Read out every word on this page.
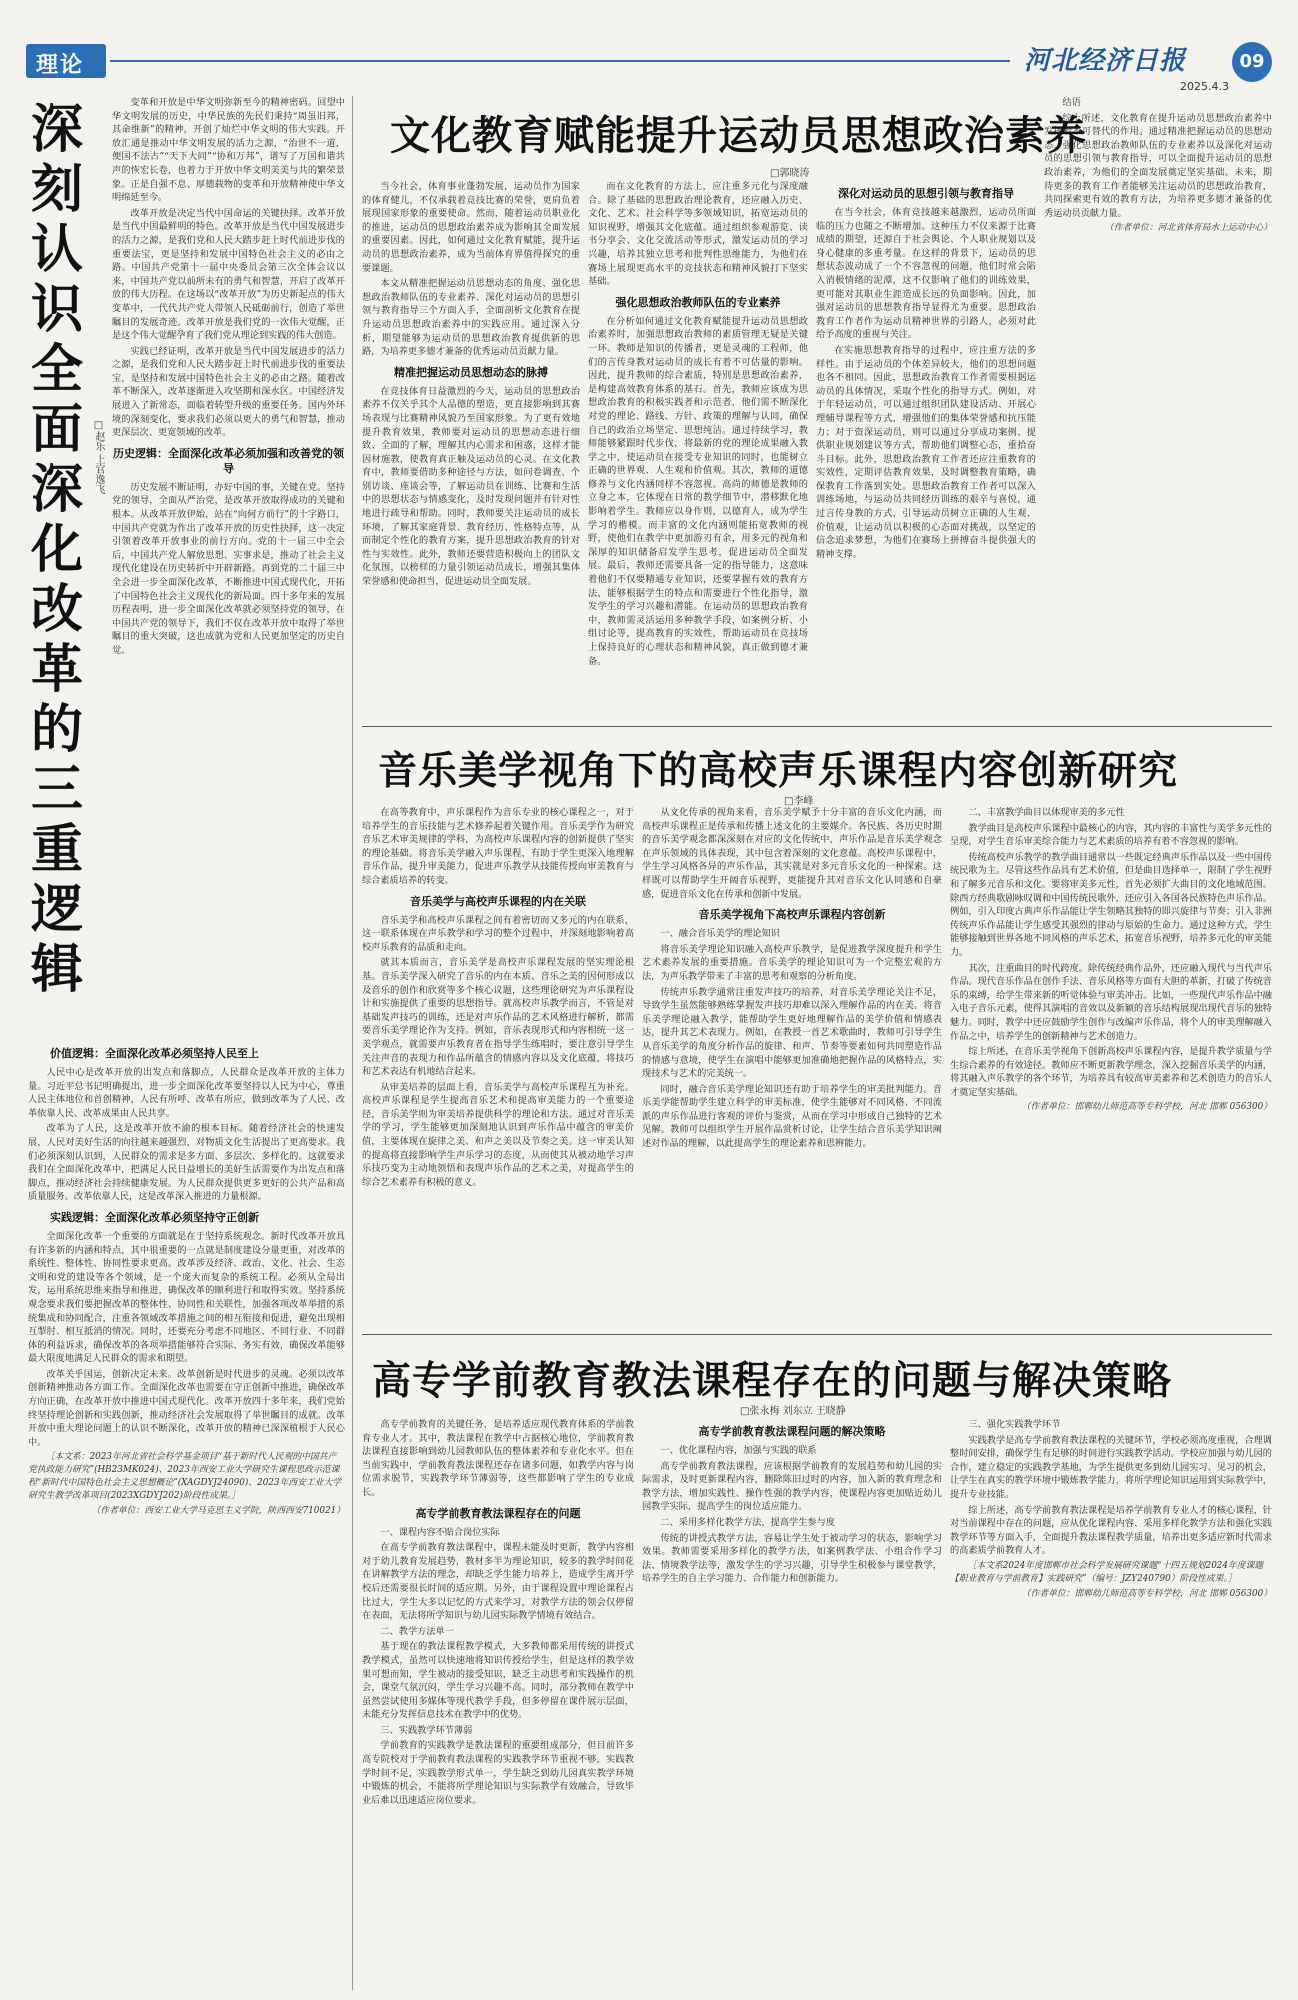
理论	河北经济日报	09
2025.4.3
深
刻
认
识
全
面
深
化
改
革
的
三
重
逻
辑
□赵乐 上官逸飞

变革和开放是中华文明弥新至今的精神密码。回望中华文明发展的历史，中华民族的先民们秉持“周虽旧邦，其命维新”的精神，开创了灿烂中华文明的伟大实践。开放汇通是推动中华文明发展的活力之源，“治世不一道，便国不法古”“天下大同”“协和万邦”，谱写了万国和谐共声的恢宏长卷，也着力于开放中华文明美美与共的繁荣景象。正是自强不息、厚德载物的变革和开放精神使中华文明绵延至今。

改革开放是决定当代中国命运的关键抉择。改革开放是当代中国最鲜明的特色。改革开放是当代中国发展进步的活力之源，是我们党和人民大踏步赶上时代前进步伐的重要法宝，更是坚持和发展中国特色社会主义的必由之路。中国共产党第十一届中央委员会第三次全体会议以来，中国共产党以前所未有的勇气和智慧，开启了改革开放的伟大历程。在这场以“改革开放”为历史新起点的伟大变革中，一代代共产党人带领人民砥砺前行，创造了举世瞩目的发展奇迹。改革开放是我们党的一次伟大觉醒，正是这个伟大觉醒孕育了我们党从理论到实践的伟大创造。

实践已经证明，改革开放是当代中国发展进步的活力之源，是我们党和人民大踏步赶上时代前进步伐的重要法宝，是坚持和发展中国特色社会主义的必由之路。随着改革不断深入，改革逐渐进入攻坚期和深水区。中国经济发展进入了新常态，面临着转型升级的重要任务。国内外环境的深刻变化，要求我们必须以更大的勇气和智慧，推动更深层次、更宽领域的改革。

历史逻辑：全面深化改革必须加强和改善党的领导

历史发展不断证明，办好中国的事，关键在党。坚持党的领导，全面从严治党，是改革开放取得成功的关键和根本。从改革开放伊始，站在“向何方前行”的十字路口，中国共产党就为作出了改革开放的历史性抉择，这一决定引领着改革开放事业的前行方向。党的十一届三中全会后，中国共产党人解放思想、实事求是，推动了社会主义现代化建设在历史转折中开辟新路。再到党的二十届三中全会进一步全面深化改革，不断推进中国式现代化，开拓了中国特色社会主义现代化的新局面。四十多年来的发展历程表明，进一步全面深化改革就必须坚持党的领导，在中国共产党的领导下，我们不仅在改革开放中取得了举世瞩目的重大突破，这也成就为党和人民更加坚定的历史自觉。

价值逻辑：全面深化改革必须坚持人民至上

人民中心是改革开放的出发点和落脚点，人民群众是改革开放的主体力量。习近平总书记明确提出，进一步全面深化改革要坚持以人民为中心，尊重人民主体地位和首创精神，人民有所呼、改革有所应，做到改革为了人民、改革依靠人民、改革成果由人民共享。

改革为了人民，这是改革开放不渝的根本目标。随着经济社会的快速发展，人民对美好生活的向往越来越强烈，对物质文化生活提出了更高要求。我们必须深刻认识到，人民群众的需求是多方面、多层次、多样化的。这就要求我们在全面深化改革中，把满足人民日益增长的美好生活需要作为出发点和落脚点，推动经济社会持续健康发展。为人民群众提供更多更好的公共产品和高质量服务。改革依靠人民，这是改革深入推进的力量根源。

实践逻辑：全面深化改革必须坚持守正创新

全面深化改革一个重要的方面就是在于坚持系统观念。新时代改革开放具有许多新的内涵和特点，其中很重要的一点就是制度建设分量更重，对改革的系统性、整体性、协同性要求更高。改革涉及经济、政治、文化、社会、生态文明和党的建设等各个领域，是一个庞大而复杂的系统工程。必须从全局出发，运用系统思维来指导和推进，确保改革的顺利进行和取得实效。坚持系统观念要求我们要把握改革的整体性、协同性和关联性，加强各项改革举措的系统集成和协同配合，注重各领域改革措施之间的相互衔接和促进，避免出现相互掣肘、相互抵消的情况。同时，还要充分考虑不同地区、不同行业、不同群体的利益诉求，确保改革的各项举措能够符合实际、务实有效，确保改革能够最大限度地满足人民群众的需求和期望。

改革关乎国运，创新决定未来。改革创新是时代进步的灵魂。必须以改革创新精神推动各方面工作。全面深化改革也需要在守正创新中推进，确保改革方向正确，在改革开放中推进中国式现代化。改革开放四十多年来，我们党始终坚持理论创新和实践创新，推动经济社会发展取得了举世瞩目的成就。改革开放中重大理论问题上的认识不断深化，改革开放的精神已深深植根于人民心中。

［本文系：2023年河北省社会科学基金项目“基于新时代人民观的中国共产党执政能力研究”(HB23MK024)、2023年西安工业大学研究生课程思政示范课程“新时代中国特色社会主义思想概论”(XAGDYJ24090)、2023年西安工业大学研究生教学改革项目(2023XGDYJ202)阶段性成果。］

（作者单位：西安工业大学马克思主义学院，陕西西安710021）

文化教育赋能提升运动员思想政治素养
□郭晓涛

当今社会，体育事业蓬勃发展，运动员作为国家的体育健儿，不仅承载着竞技比赛的荣誉，更肩负着展现国家形象的重要使命。然而，随着运动员职业化的推进，运动员的思想政治素养成为影响其全面发展的重要因素。因此，如何通过文化教育赋能，提升运动员的思想政治素养，成为当前体育界值得探究的重要课题。

本文从精准把握运动员思想动态的角度、强化思想政治教师队伍的专业素养、深化对运动员的思想引领与教育指导三个方面入手，全面剖析文化教育在提升运动员思想政治素养中的实践应用。通过深入分析，期望能够为运动员的思想政治教育提供新的思路，为培养更多德才兼备的优秀运动员贡献力量。

精准把握运动员思想动态的脉搏

在竞技体育日益激烈的今天，运动员的思想政治素养不仅关乎其个人品德的塑造，更直接影响到其赛场表现与比赛精神风貌乃至国家形象。为了更有效地提升教育效果，教师要对运动员的思想动态进行细致、全面的了解，理解其内心需求和困惑，这样才能因材施教，使教育真正触及运动员的心灵。在文化教育中，教师要借助多种途径与方法，如问卷调查、个别访谈、座谈会等，了解运动员在训练、比赛和生活中的思想状态与情感变化，及时发现问题并有针对性地进行疏导和帮助。同时，教师要关注运动员的成长环境，了解其家庭背景、教育经历、性格特点等，从而制定个性化的教育方案，提升思想政治教育的针对性与实效性。此外，教师还要营造积极向上的团队文化氛围，以榜样的力量引领运动员成长，增强其集体荣誉感和使命担当，促进运动员全面发展。

而在文化教育的方法上，应注重多元化与深度融合。除了基础的思想政治理论教育，还应融入历史、文化、艺术、社会科学等多领域知识，拓宽运动员的知识视野，增强其文化底蕴。通过组织参观游览、读书分享会、文化交流活动等形式，激发运动员的学习兴趣，培养其独立思考和批判性思维能力，为他们在赛场上展现更高水平的竞技状态和精神风貌打下坚实基础。

强化思想政治教师队伍的专业素养

在分析如何通过文化教育赋能提升运动员思想政治素养时，加强思想政治教师的素质管理无疑是关键一环。教师是知识的传播者，更是灵魂的工程师，他们的言传身教对运动员的成长有着不可估量的影响。因此，提升教师的综合素质，特别是思想政治素养，是构建高效教育体系的基石。首先，教师应该成为思想政治教育的积极实践者和示范者，他们需不断深化对党的理论、路线、方针、政策的理解与认同，确保自己的政治立场坚定、思想纯洁。通过持续学习，教师能够紧跟时代步伐，将最新的党的理论成果融入教学之中，使运动员在接受专业知识的同时，也能树立正确的世界观、人生观和价值观。其次，教师的道德修养与文化内涵同样不容忽视。高尚的师德是教师的立身之本，它体现在日常的教学细节中，潜移默化地影响着学生。教师应以身作则，以德育人，成为学生学习的楷模。而丰富的文化内涵则能拓宽教师的视野，使他们在教学中更加游刃有余，用多元的视角和深厚的知识储备启发学生思考，促进运动员全面发展。最后，教师还需要具备一定的指导能力，这意味着他们不仅要精通专业知识，还要掌握有效的教育方法，能够根据学生的特点和需要进行个性化指导，激发学生的学习兴趣和潜能。在运动员的思想政治教育中，教师需灵活运用多种教学手段，如案例分析、小组讨论等，提高教育的实效性，帮助运动员在竞技场上保持良好的心理状态和精神风貌，真正做到德才兼备。

深化对运动员的思想引领与教育指导

在当今社会，体育竞技越来越激烈，运动员所面临的压力也随之不断增加。这种压力不仅来源于比赛成绩的期望，还源自于社会舆论、个人职业规划以及身心健康的多重考量。在这样的背景下，运动员的思想状态波动成了一个不容忽视的问题，他们时常会陷入消极情绪的泥潭，这不仅影响了他们的训练效果，更可能对其职业生涯造成长远的负面影响。因此，加强对运动员的思想教育指导显得尤为重要。思想政治教育工作者作为运动员精神世界的引路人，必须对此给予高度的重视与关注。

在实施思想教育指导的过程中，应注重方法的多样性。由于运动员的个体差异较大，他们的思想问题也各不相同。因此，思想政治教育工作者需要根据运动员的具体情况，采取个性化的指导方式。例如，对于年轻运动员，可以通过组织团队建设活动、开展心理辅导课程等方式，增强他们的集体荣誉感和抗压能力；对于资深运动员，则可以通过分享成功案例、提供职业规划建议等方式，帮助他们调整心态，重拾奋斗目标。此外，思想政治教育工作者还应注重教育的实效性，定期评估教育效果，及时调整教育策略，确保教育工作落到实处。思想政治教育工作者可以深入训练场地，与运动员共同经历训练的艰辛与喜悦，通过言传身教的方式，引导运动员树立正确的人生观、价值观，让运动员以积极的心态面对挑战，以坚定的信念追求梦想，为他们在赛场上拼搏奋斗提供强大的精神支撑。

结语

综上所述，文化教育在提升运动员思想政治素养中发挥着不可替代的作用。通过精准把握运动员的思想动态、强化思想政治教师队伍的专业素养以及深化对运动员的思想引领与教育指导，可以全面提升运动员的思想政治素养，为他们的全面发展奠定坚实基础。未来，期待更多的教育工作者能够关注运动员的思想政治教育，共同探索更有效的教育方法，为培养更多德才兼备的优秀运动员贡献力量。

（作者单位：河北省体育局水上运动中心）

音乐美学视角下的高校声乐课程内容创新研究
□李峰

在高等教育中，声乐课程作为音乐专业的核心课程之一，对于培养学生的音乐技能与艺术修养起着关键作用。音乐美学作为研究音乐艺术审美规律的学科，为高校声乐课程内容的创新提供了坚实的理论基础。将音乐美学融入声乐课程，有助于学生更深入地理解音乐作品，提升审美能力，促进声乐教学从技能传授向审美教育与综合素质培养的转变。

音乐美学与高校声乐课程的内在关联

音乐美学和高校声乐课程之间有着密切而又多元的内在联系，这一联系体现在声乐教学和学习的整个过程中，并深刻地影响着高校声乐教育的品质和走向。

就其本质而言，音乐美学是高校声乐课程发展的坚实理论根基。音乐美学深入研究了音乐的内在本质、音乐之美的因何形成以及音乐的创作和欣赏等多个核心议题，这些理论研究为声乐课程设计和实施提供了重要的思想指导。就高校声乐教学而言，不管是对基础发声技巧的训练，还是对声乐作品的艺术风格进行解析，都需要音乐美学理论作为支持。例如，音乐表现形式和内容相统一这一美学观点，就需要声乐教育者在指导学生练唱时，要注意引导学生关注声音的表现力和作品所蕴含的情感内容以及文化底蕴，将技巧和艺术表达有机地结合起来。

从审美培养的层面上看，音乐美学与高校声乐课程互为补充。高校声乐课程是学生提高音乐艺术和提高审美能力的一个重要途径，音乐美学则为审美培养提供科学的理论和方法。通过对音乐美学的学习，学生能够更加深刻地认识到声乐作品中蕴含的审美价值，主要体现在旋律之美、和声之美以及节奏之美。这一审美认知的提高将直接影响学生声乐学习的态度，从而使其从被动地学习声乐技巧变为主动地领悟和表现声乐作品的艺术之美，对提高学生的综合艺术素养有积极的意义。

从文化传承的视角来看，音乐美学赋予十分丰富的音乐文化内涵，而高校声乐课程正是传承和传播上述文化的主要媒介。各民族、各历史时期的音乐美学观念都深深刻在对应的文化传统中，声乐作品是音乐美学观念在声乐领域的具体表现，其中包含着深刻的文化意蕴。高校声乐课程中，学生学习风格各异的声乐作品，其实就是对多元音乐文化的一种探索。这样既可以帮助学生开阔音乐视野，更能提升其对音乐文化认同感和自豪感，促进音乐文化在传承和创新中发展。

音乐美学视角下高校声乐课程内容创新

一、融合音乐美学的理论知识

将音乐美学理论知识融入高校声乐教学，是促进教学深度提升和学生艺术素养发展的重要措施。音乐美学的理论知识可为一个完整宏观的方法，为声乐教学带来了丰富的思考和观察的分析角度。

传统声乐教学通常注重发声技巧的培养，对音乐美学理论关注不足，导致学生虽然能够熟练掌握发声技巧却难以深入理解作品的内在美。将音乐美学理论融入教学，能帮助学生更好地理解作品的美学价值和情感表达，提升其艺术表现力。例如，在教授一首艺术歌曲时，教师可引导学生从音乐美学的角度分析作品的旋律、和声、节奏等要素如何共同塑造作品的情感与意境，使学生在演唱中能够更加准确地把握作品的风格特点，实现技术与艺术的完美统一。

同时，融合音乐美学理论知识还有助于培养学生的审美批判能力。音乐美学能帮助学生建立科学的审美标准，使学生能够对不同风格、不同流派的声乐作品进行客观的评价与鉴赏，从而在学习中形成自己独特的艺术见解。教师可以组织学生开展作品赏析讨论，让学生结合音乐美学知识阐述对作品的理解，以此提高学生的理论素养和思辨能力。

二、丰富教学曲目以体现审美的多元性

教学曲目是高校声乐课程中最核心的内容，其内容的丰富性与美学多元性的呈现，对学生音乐审美综合能力与艺术素质的培养有着不容忽视的影响。

传统高校声乐教学的教学曲目通常以一些既定经典声乐作品以及一些中国传统民歌为主。尽管这些作品具有艺术价值，但是曲目选择单一，限制了学生视野和了解多元音乐和文化。要将审美多元性，首先必须扩大曲目的文化地域范围。除西方经典歌剧咏叹调和中国传统民歌外，还应引入各国各民族特色声乐作品。例如，引入印度古典声乐作品能让学生领略其独特的即兴旋律与节奏；引入非洲传统声乐作品能让学生感受其强烈的律动与原始的生命力。通过这种方式，学生能够接触到世界各地不同风格的声乐艺术，拓宽音乐视野，培养多元化的审美能力。

其次，注重曲目的时代跨度。除传统经典作品外，还应融入现代与当代声乐作品。现代音乐作品在创作手法、音乐风格等方面有大胆的革新，打破了传统音乐的束缚，给学生带来新的听觉体验与审美冲击。比如，一些现代声乐作品中融入电子音乐元素，使得其演唱的音效以及新颖的音乐结构展现出现代音乐的独特魅力。同时，教学中还应鼓励学生创作与改编声乐作品，将个人的审美理解融入作品之中，培养学生的创新精神与艺术创造力。

综上所述，在音乐美学视角下创新高校声乐课程内容，是提升教学质量与学生综合素养的有效途径。教师应不断更新教学理念，深入挖掘音乐美学的内涵，将其融入声乐教学的各个环节，为培养具有较高审美素养和艺术创造力的音乐人才奠定坚实基础。

（作者单位：邯郸幼儿师范高等专科学校，河北 邯郸 056300）

高专学前教育教法课程存在的问题与解决策略
□张永梅 刘东立 王晓静

高专学前教育的关键任务，是培养适应现代教育体系的学前教育专业人才。其中，教法课程在教学中占据核心地位，学前教育教法课程直接影响到幼儿园教师队伍的整体素养和专业化水平。但在当前实践中，学前教育教法课程还存在诸多问题，如教学内容与岗位需求脱节，实践教学环节薄弱等，这些都影响了学生的专业成长。

高专学前教育教法课程存在的问题

一、课程内容不贴合岗位实际

在高专学前教育教法课程中，课程未能及时更新，教学内容相对于幼儿教育发展趋势，教材多半为理论知识，较多的教学时间花在讲解教学方法的理念，却缺乏学生能力培养上，造成学生离开学校后还需要很长时间的适应期。另外，由于课程设置中理论课程占比过大，学生大多以记忆的方式来学习，对教学方法的领会仅停留在表面，无法将所学知识与幼儿园实际教学情境有效结合。

二、教学方法单一

基于现在的教法课程教学模式，大多教师都采用传统的讲授式教学模式，虽然可以快速地将知识传授给学生，但是这样的教学效果可想而知，学生被动的接受知识，缺乏主动思考和实践操作的机会，课堂气氛沉闷，学生学习兴趣不高。同时，部分教师在教学中虽然尝试使用多媒体等现代教学手段，但多停留在课件展示层面，未能充分发挥信息技术在教学中的优势。

三、实践教学环节薄弱

学前教育的实践教学是教法课程的重要组成部分，但目前许多高专院校对于学前教育教法课程的实践教学环节重视不够，实践教学时间不足，实践教学形式单一，学生缺乏到幼儿园真实教学环境中锻炼的机会，不能将所学理论知识与实际教学有效融合，导致毕业后难以迅速适应岗位要求。

高专学前教育教法课程问题的解决策略

一、优化课程内容，加强与实践的联系

高专学前教育教法课程，应该根据学前教育的发展趋势和幼儿园的实际需求，及时更新课程内容，删除陈旧过时的内容，加入新的教育理念和教学方法，增加实践性、操作性强的教学内容，使课程内容更加贴近幼儿园教学实际，提高学生的岗位适应能力。

二、采用多样化教学方法，提高学生参与度

传统的讲授式教学方法，容易让学生处于被动学习的状态，影响学习效果。教师需要采用多样化的教学方法，如案例教学法、小组合作学习法、情境教学法等，激发学生的学习兴趣，引导学生积极参与课堂教学，培养学生的自主学习能力、合作能力和创新能力。

三、强化实践教学环节

实践教学是高专学前教育教法课程的关键环节，学校必须高度重视，合理调整时间安排，确保学生有足够的时间进行实践教学活动。学校应加强与幼儿园的合作，建立稳定的实践教学基地，为学生提供更多到幼儿园实习、见习的机会，让学生在真实的教学环境中锻炼教学能力，将所学理论知识运用到实际教学中，提升专业技能。

综上所述，高专学前教育教法课程是培养学前教育专业人才的核心课程，针对当前课程中存在的问题，应从优化课程内容、采用多样化教学方法和强化实践教学环节等方面入手，全面提升教法课程教学质量，培养出更多适应新时代需求的高素质学前教育人才。

［本文系2024年度邯郸市社会科学发展研究课题“十四五规划2024年度课题【职业教育与学前教育】实践研究”（编号：JZY240790）阶段性成果。］

（作者单位：邯郸幼儿师范高等专科学校，河北 邯郸 056300）
